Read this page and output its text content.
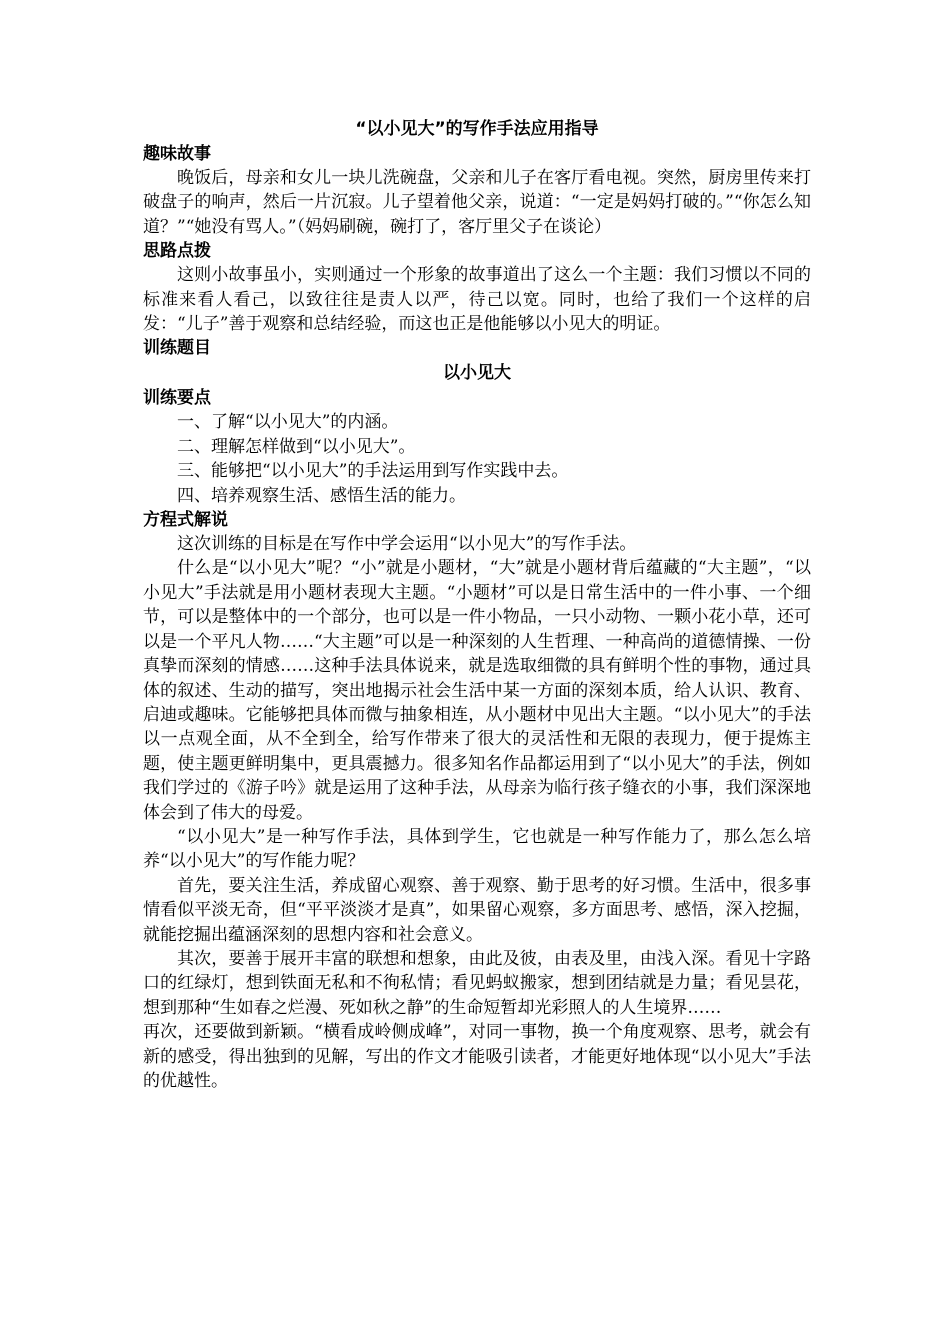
“以小见大”的写作手法应用指导
趣味故事

晚饭后，母亲和女儿一块儿洗碗盘，父亲和儿子在客厅看电视。突然，厨房里传来打破盘子的响声，然后一片沉寂。儿子望着他父亲，说道：“一定是妈妈打破的。”“你怎么知道？”“她没有骂人。”（妈妈刷碗，碗打了，客厅里父子在谈论）

思路点拨

这则小故事虽小，实则通过一个形象的故事道出了这么一个主题：我们习惯以不同的标准来看人看己，以致往往是责人以严，待己以宽。同时，也给了我们一个这样的启发：“儿子”善于观察和总结经验，而这也正是他能够以小见大的明证。

训练题目
以小见大
训练要点

一、了解“以小见大”的内涵。

二、理解怎样做到“以小见大”。

三、能够把“以小见大”的手法运用到写作实践中去。

四、培养观察生活、感悟生活的能力。

方程式解说

这次训练的目标是在写作中学会运用“以小见大”的写作手法。

什么是“以小见大”呢？“小”就是小题材，“大”就是小题材背后蕴藏的“大主题”，“以小见大”手法就是用小题材表现大主题。“小题材”可以是日常生活中的一件小事、一个细节，可以是整体中的一个部分，也可以是一件小物品，一只小动物、一颗小花小草，还可以是一个平凡人物……“大主题”可以是一种深刻的人生哲理、一种高尚的道德情操、一份真挚而深刻的情感……这种手法具体说来，就是选取细微的具有鲜明个性的事物，通过具体的叙述、生动的描写，突出地揭示社会生活中某一方面的深刻本质，给人认识、教育、启迪或趣味。它能够把具体而微与抽象相连，从小题材中见出大主题。“以小见大”的手法以一点观全面，从不全到全，给写作带来了很大的灵活性和无限的表现力，便于提炼主题，使主题更鲜明集中，更具震撼力。很多知名作品都运用到了“以小见大”的手法，例如我们学过的《游子吟》就是运用了这种手法，从母亲为临行孩子缝衣的小事，我们深深地体会到了伟大的母爱。

“以小见大”是一种写作手法，具体到学生，它也就是一种写作能力了，那么怎么培养“以小见大”的写作能力呢？

首先，要关注生活，养成留心观察、善于观察、勤于思考的好习惯。生活中，很多事情看似平淡无奇，但“平平淡淡才是真”，如果留心观察，多方面思考、感悟，深入挖掘，就能挖掘出蕴涵深刻的思想内容和社会意义。

其次，要善于展开丰富的联想和想象，由此及彼，由表及里，由浅入深。看见十字路口的红绿灯，想到铁面无私和不徇私情；看见蚂蚁搬家，想到团结就是力量；看见昙花，想到那种“生如春之烂漫、死如秋之静”的生命短暂却光彩照人的人生境界……

再次，还要做到新颖。“横看成岭侧成峰”，对同一事物，换一个角度观察、思考，就会有新的感受，得出独到的见解，写出的作文才能吸引读者，才能更好地体现“以小见大”手法的优越性。
